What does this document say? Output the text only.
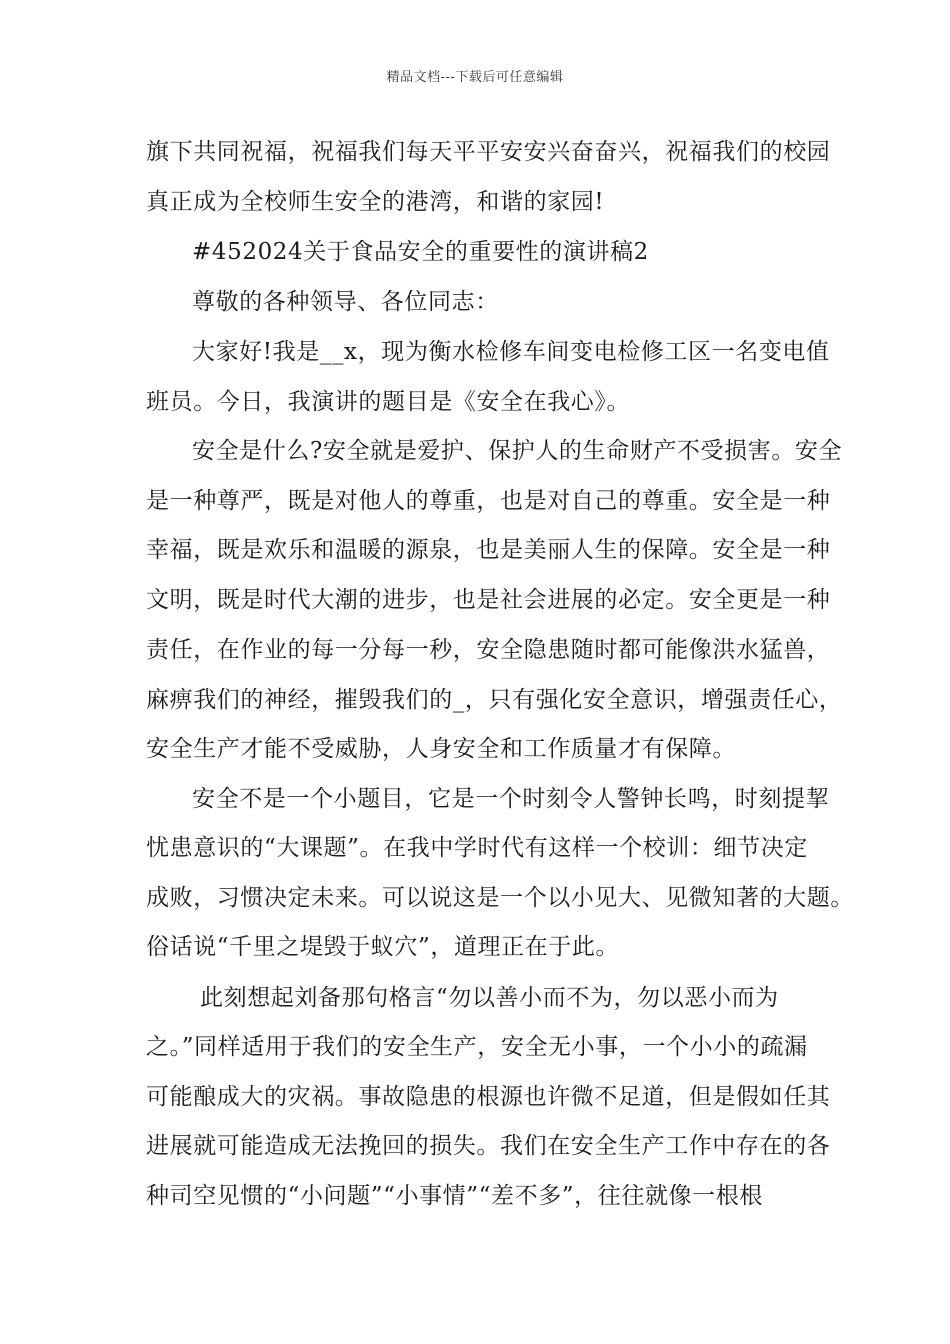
精品文档---下载后可任意编辑
旗下共同祝福，祝福我们每天平平安安兴奋奋兴，祝福我们的校园
真正成为全校师生安全的港湾，和谐的家园!
#452024关于食品安全的重要性的演讲稿2
尊敬的各种领导、各位同志：
大家好!我是__x，现为衡水检修车间变电检修工区一名变电值
班员。今日，我演讲的题目是《安全在我心》。
安全是什么?安全就是爱护、保护人的生命财产不受损害。安全
是一种尊严，既是对他人的尊重，也是对自己的尊重。安全是一种
幸福，既是欢乐和温暖的源泉，也是美丽人生的保障。安全是一种
文明，既是时代大潮的进步，也是社会进展的必定。安全更是一种
责任，在作业的每一分每一秒，安全隐患随时都可能像洪水猛兽，
麻痹我们的神经，摧毁我们的_，只有强化安全意识，增强责任心，
安全生产才能不受威胁，人身安全和工作质量才有保障。
安全不是一个小题目，它是一个时刻令人警钟长鸣，时刻提挈
忧患意识的“大课题”。在我中学时代有这样一个校训：细节决定
成败，习惯决定未来。可以说这是一个以小见大、见微知著的大题。
俗话说“千里之堤毁于蚁穴”，道理正在于此。
此刻想起刘备那句格言“勿以善小而不为，勿以恶小而为
之。”同样适用于我们的安全生产，安全无小事，一个小小的疏漏
可能酿成大的灾祸。事故隐患的根源也许微不足道，但是假如任其
进展就可能造成无法挽回的损失。我们在安全生产工作中存在的各
种司空见惯的“小问题”“小事情”“差不多”，往往就像一根根
